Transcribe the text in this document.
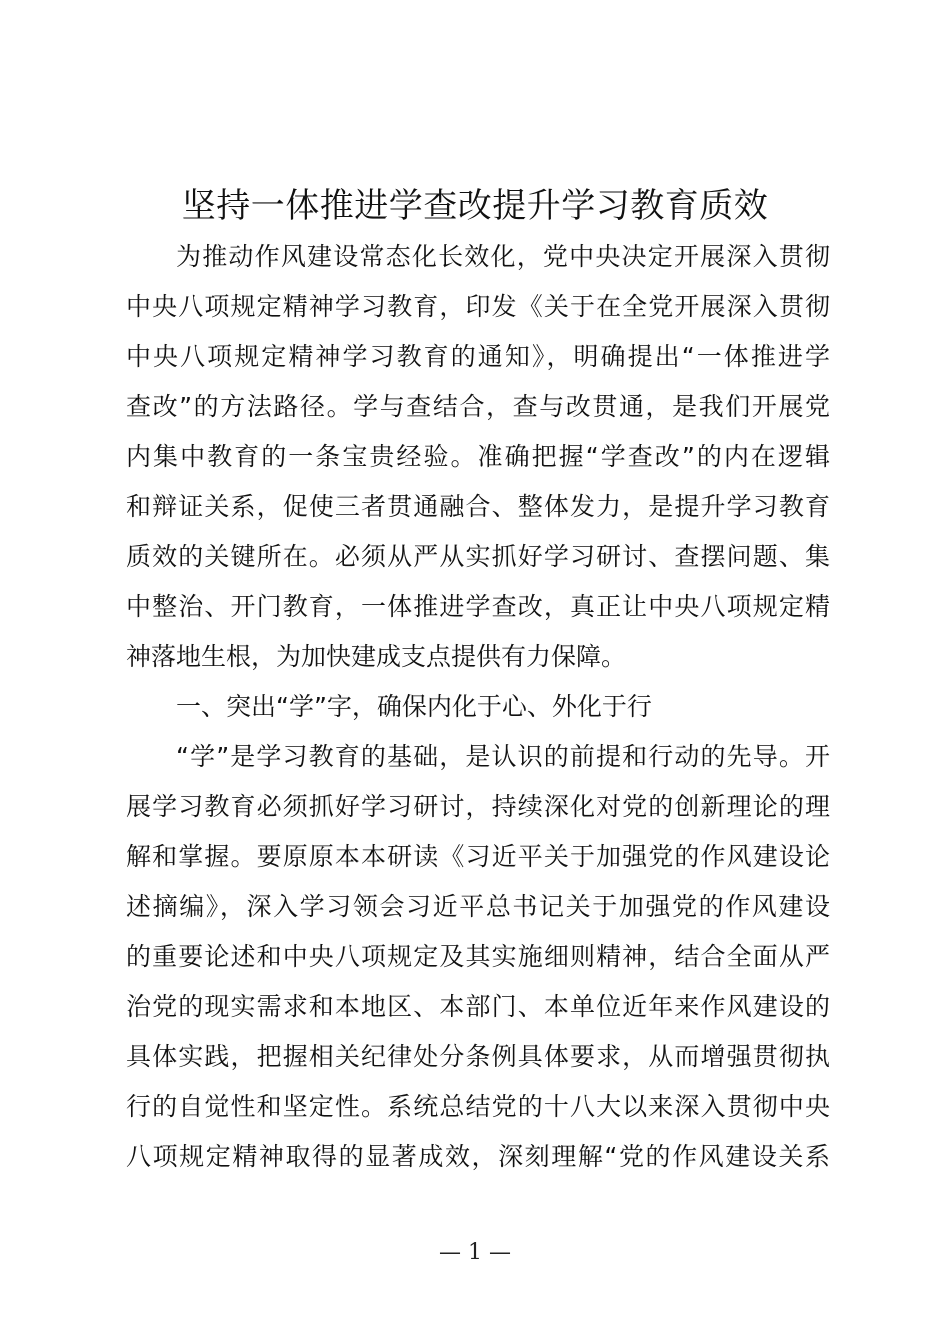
坚持一体推进学查改提升学习教育质效
为推动作风建设常态化长效化，党中央决定开展深入贯彻
中央八项规定精神学习教育，印发《关于在全党开展深入贯彻
中央八项规定精神学习教育的通知》，明确提出“一体推进学
查改”的方法路径。学与查结合，查与改贯通，是我们开展党
内集中教育的一条宝贵经验。准确把握“学查改”的内在逻辑
和辩证关系，促使三者贯通融合、整体发力，是提升学习教育
质效的关键所在。必须从严从实抓好学习研讨、查摆问题、集
中整治、开门教育，一体推进学查改，真正让中央八项规定精
神落地生根，为加快建成支点提供有力保障。
一、突出“学”字，确保内化于心、外化于行
“学”是学习教育的基础，是认识的前提和行动的先导。开
展学习教育必须抓好学习研讨，持续深化对党的创新理论的理
解和掌握。要原原本本研读《习近平关于加强党的作风建设论
述摘编》，深入学习领会习近平总书记关于加强党的作风建设
的重要论述和中央八项规定及其实施细则精神，结合全面从严
治党的现实需求和本地区、本部门、本单位近年来作风建设的
具体实践，把握相关纪律处分条例具体要求，从而增强贯彻执
行的自觉性和坚定性。系统总结党的十八大以来深入贯彻中央
八项规定精神取得的显著成效，深刻理解“党的作风建设关系
— 1 —
